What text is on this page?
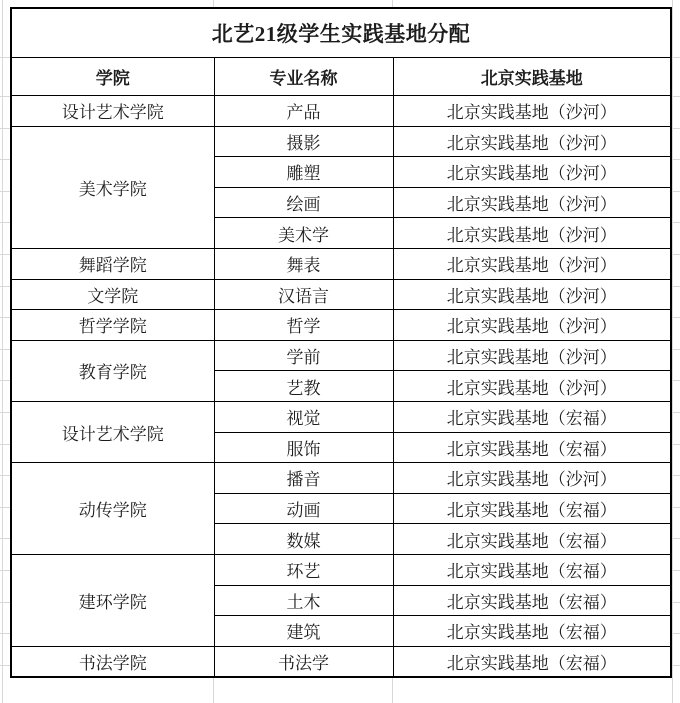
北艺21级学生实践基地分配		
学院	专业名称	北京实践基地
设计艺术学院	产品	北京实践基地（沙河）
美术学院	摄影	北京实践基地（沙河）
	雕塑	北京实践基地（沙河）
	绘画	北京实践基地（沙河）
	美术学	北京实践基地（沙河）
舞蹈学院	舞表	北京实践基地（沙河）
文学院	汉语言	北京实践基地（沙河）
哲学学院	哲学	北京实践基地（沙河）
教育学院	学前	北京实践基地（沙河）
	艺教	北京实践基地（沙河）
设计艺术学院	视觉	北京实践基地（宏福）
	服饰	北京实践基地（宏福）
动传学院	播音	北京实践基地（沙河）
	动画	北京实践基地（宏福）
	数媒	北京实践基地（宏福）
建环学院	环艺	北京实践基地（宏福）
	土木	北京实践基地（宏福）
	建筑	北京实践基地（宏福）
书法学院	书法学	北京实践基地（宏福）
